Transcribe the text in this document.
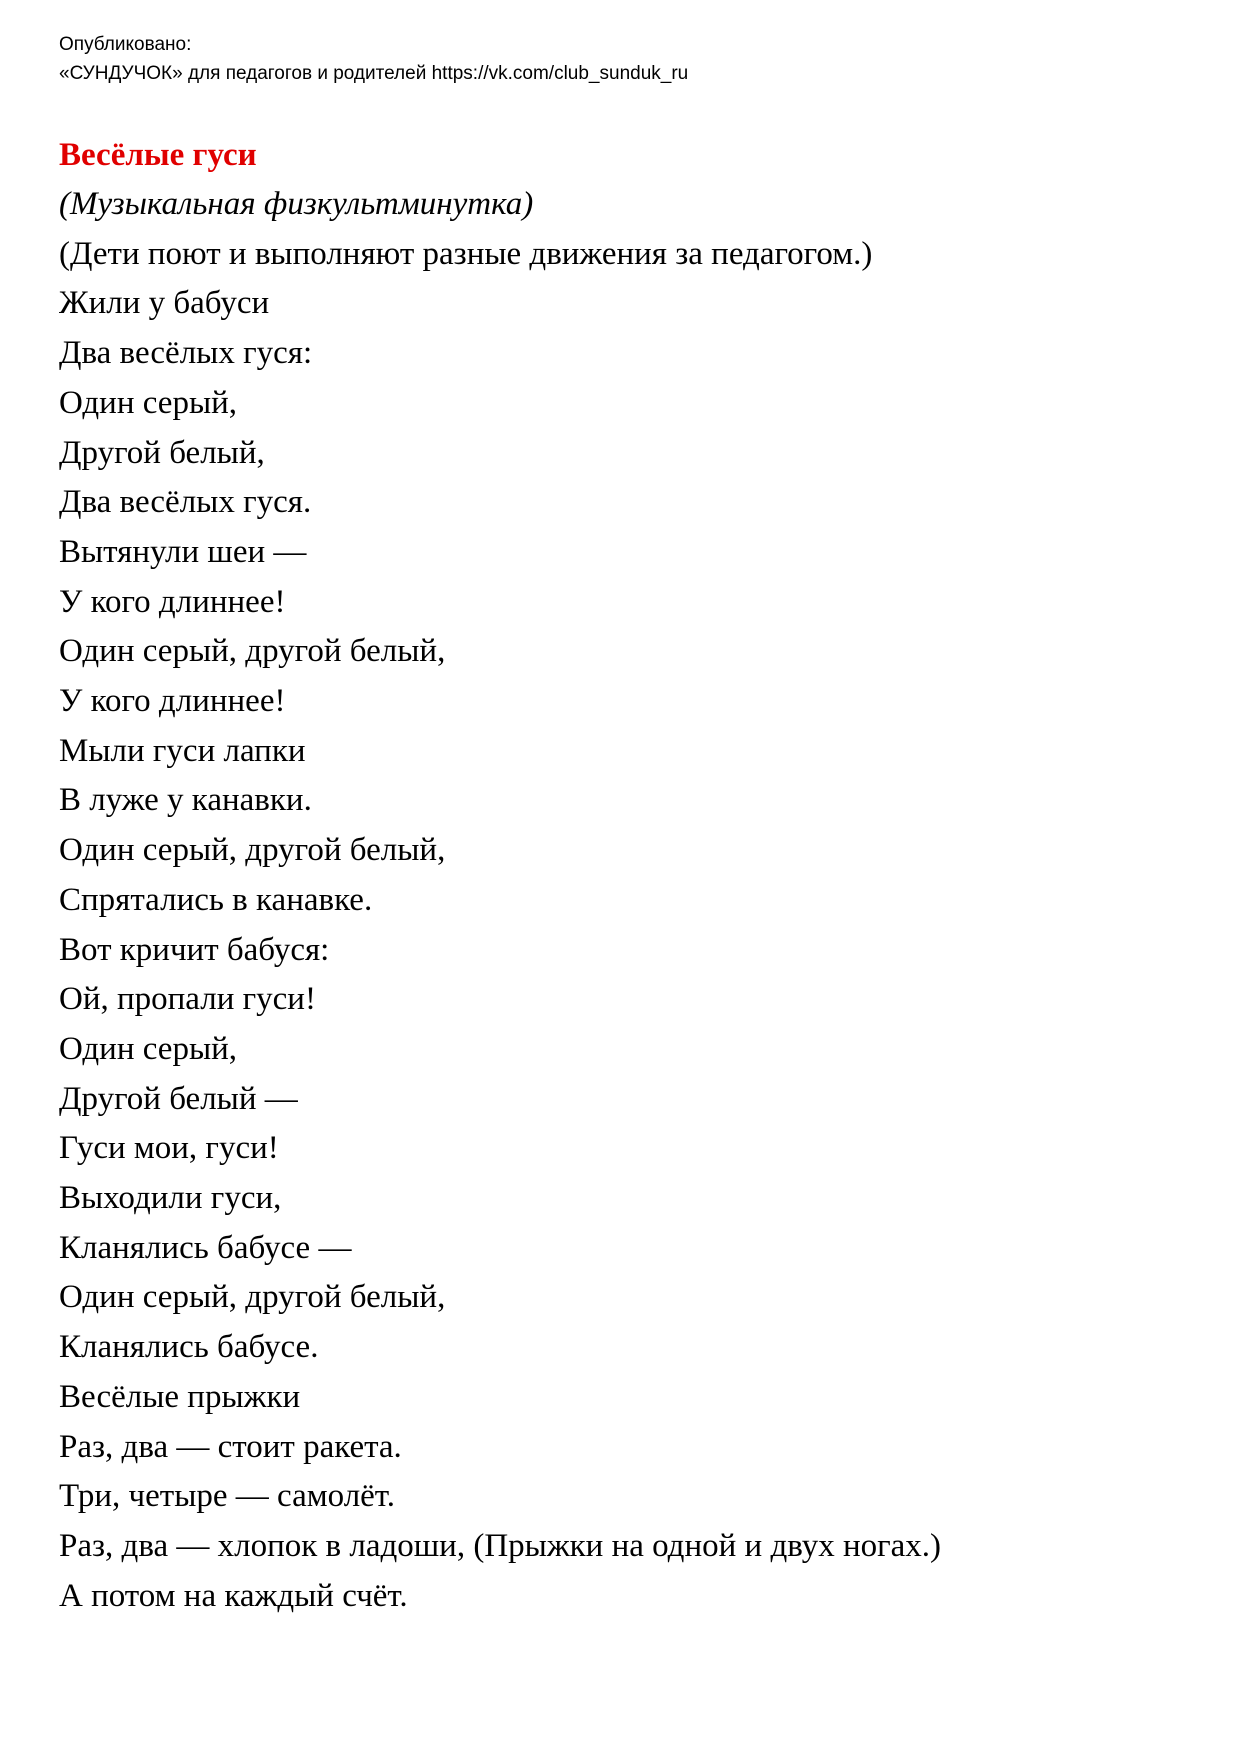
Опубликовано:
«СУНДУЧОК» для педагогов и родителей https://vk.com/club_sunduk_ru
Весёлые гуси
(Музыкальная физкультминутка)
(Дети поют и выполняют разные движения за педагогом.)
Жили у бабуси
Два весёлых гуся:
Один серый,
Другой белый,
Два весёлых гуся.
Вытянули шеи —
У кого длиннее!
Один серый, другой белый,
У кого длиннее!
Мыли гуси лапки
В луже у канавки.
Один серый, другой белый,
Спрятались в канавке.
Вот кричит бабуся:
Ой, пропали гуси!
Один серый,
Другой белый —
Гуси мои, гуси!
Выходили гуси,
Кланялись бабусе —
Один серый, другой белый,
Кланялись бабусе.
Весёлые прыжки
Раз, два — стоит ракета.
Три, четыре — самолёт.
Раз, два — хлопок в ладоши, (Прыжки на одной и двух ногах.)
А потом на каждый счёт.
